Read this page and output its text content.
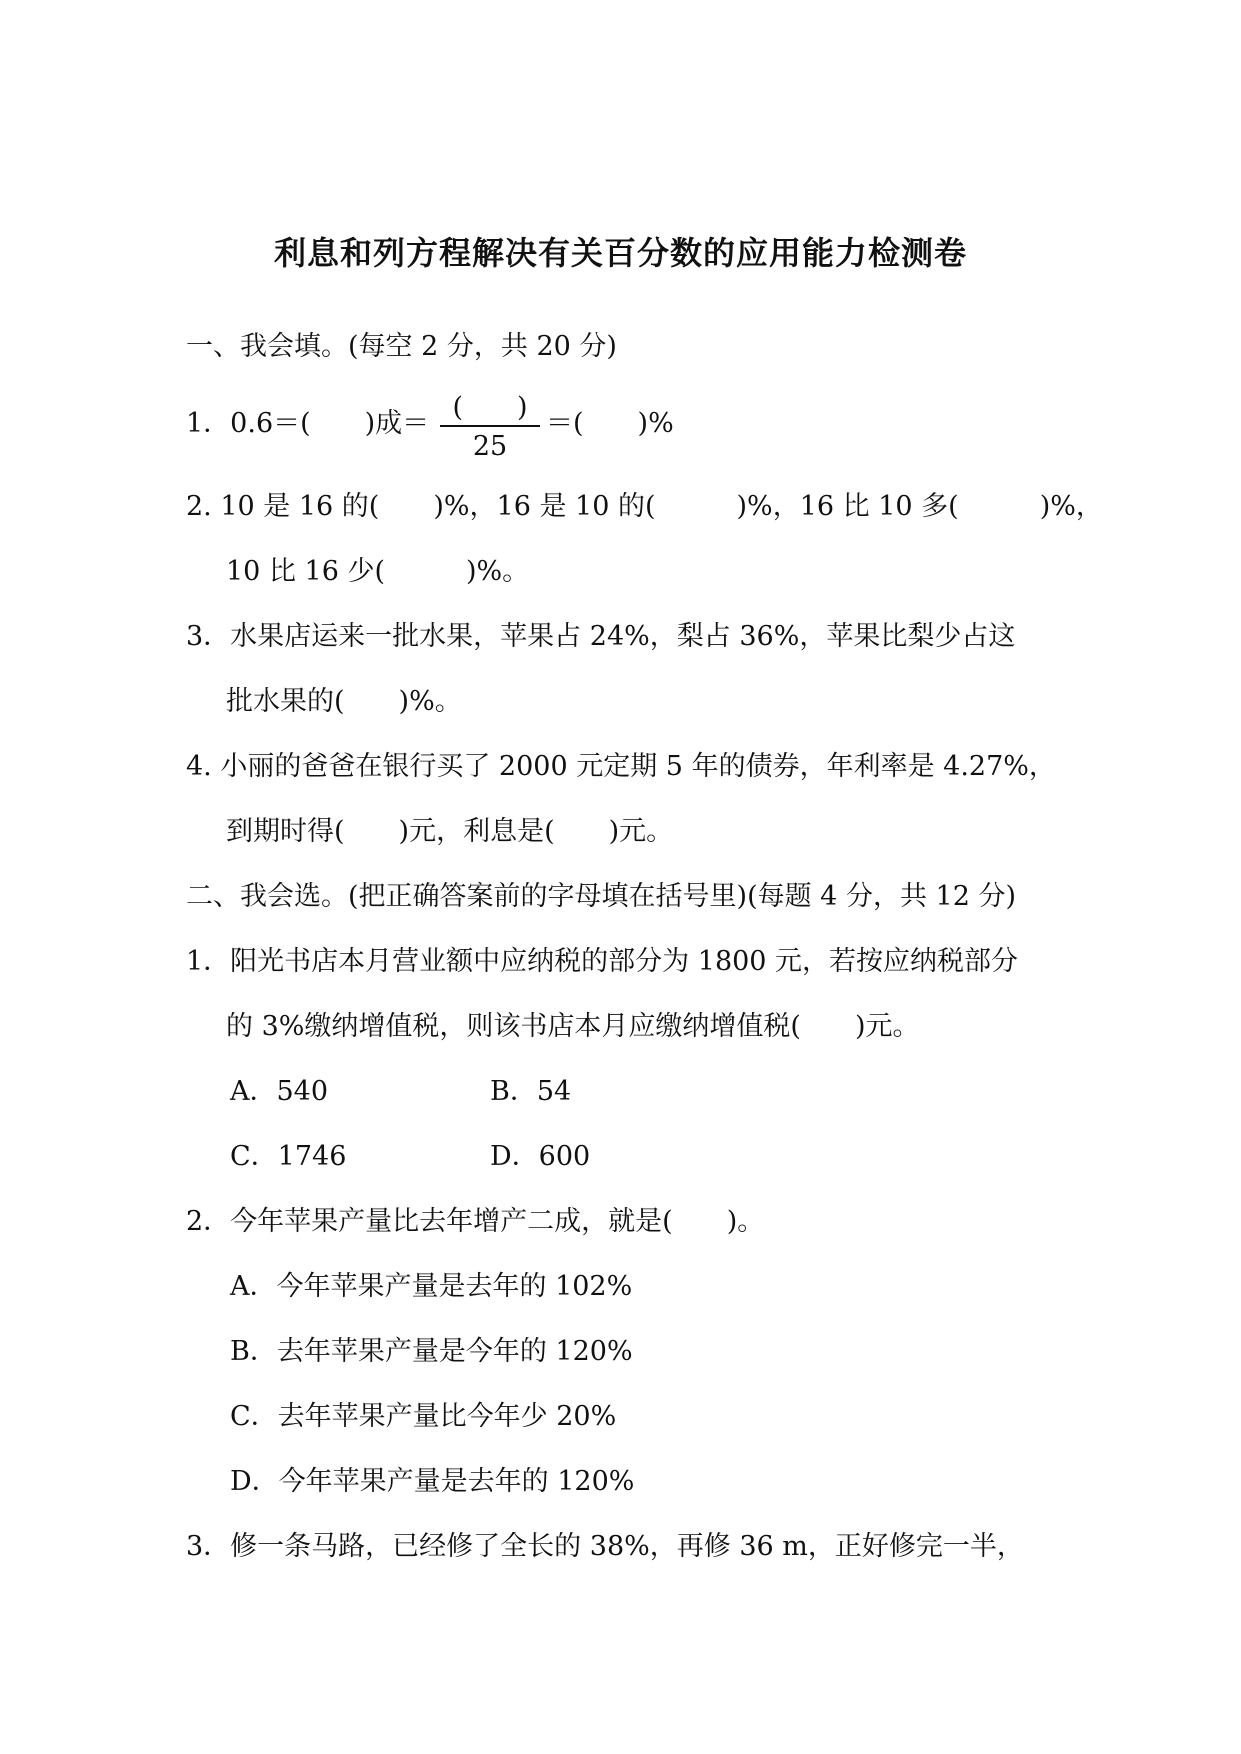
利息和列方程解决有关百分数的应用能力检测卷
一、我会填。(每空 2 分，共 20 分)
1．0.6＝(　　)成＝
(　　)
25
＝(　　)%
2. 10 是 16 的(　　)%，16 是 10 的(　　　)%，16 比 10 多(　　　)%，
10 比 16 少(　　　)%。
3．水果店运来一批水果，苹果占 24%，梨占 36%，苹果比梨少占这
批水果的(　　)%。
4. 小丽的爸爸在银行买了 2000 元定期 5 年的债券，年利率是 4.27%，
到期时得(　　)元，利息是(　　)元。
二、我会选。(把正确答案前的字母填在括号里)(每题 4 分，共 12 分)
1．阳光书店本月营业额中应纳税的部分为 1800 元，若按应纳税部分
的 3%缴纳增值税，则该书店本月应缴纳增值税(　　)元。
A．540	B．54
C．1746	D．600
2．今年苹果产量比去年增产二成，就是(　　)。
A．今年苹果产量是去年的 102%
B．去年苹果产量是今年的 120%
C．去年苹果产量比今年少 20%
D．今年苹果产量是去年的 120%
3．修一条马路，已经修了全长的 38%，再修 36 m，正好修完一半，
